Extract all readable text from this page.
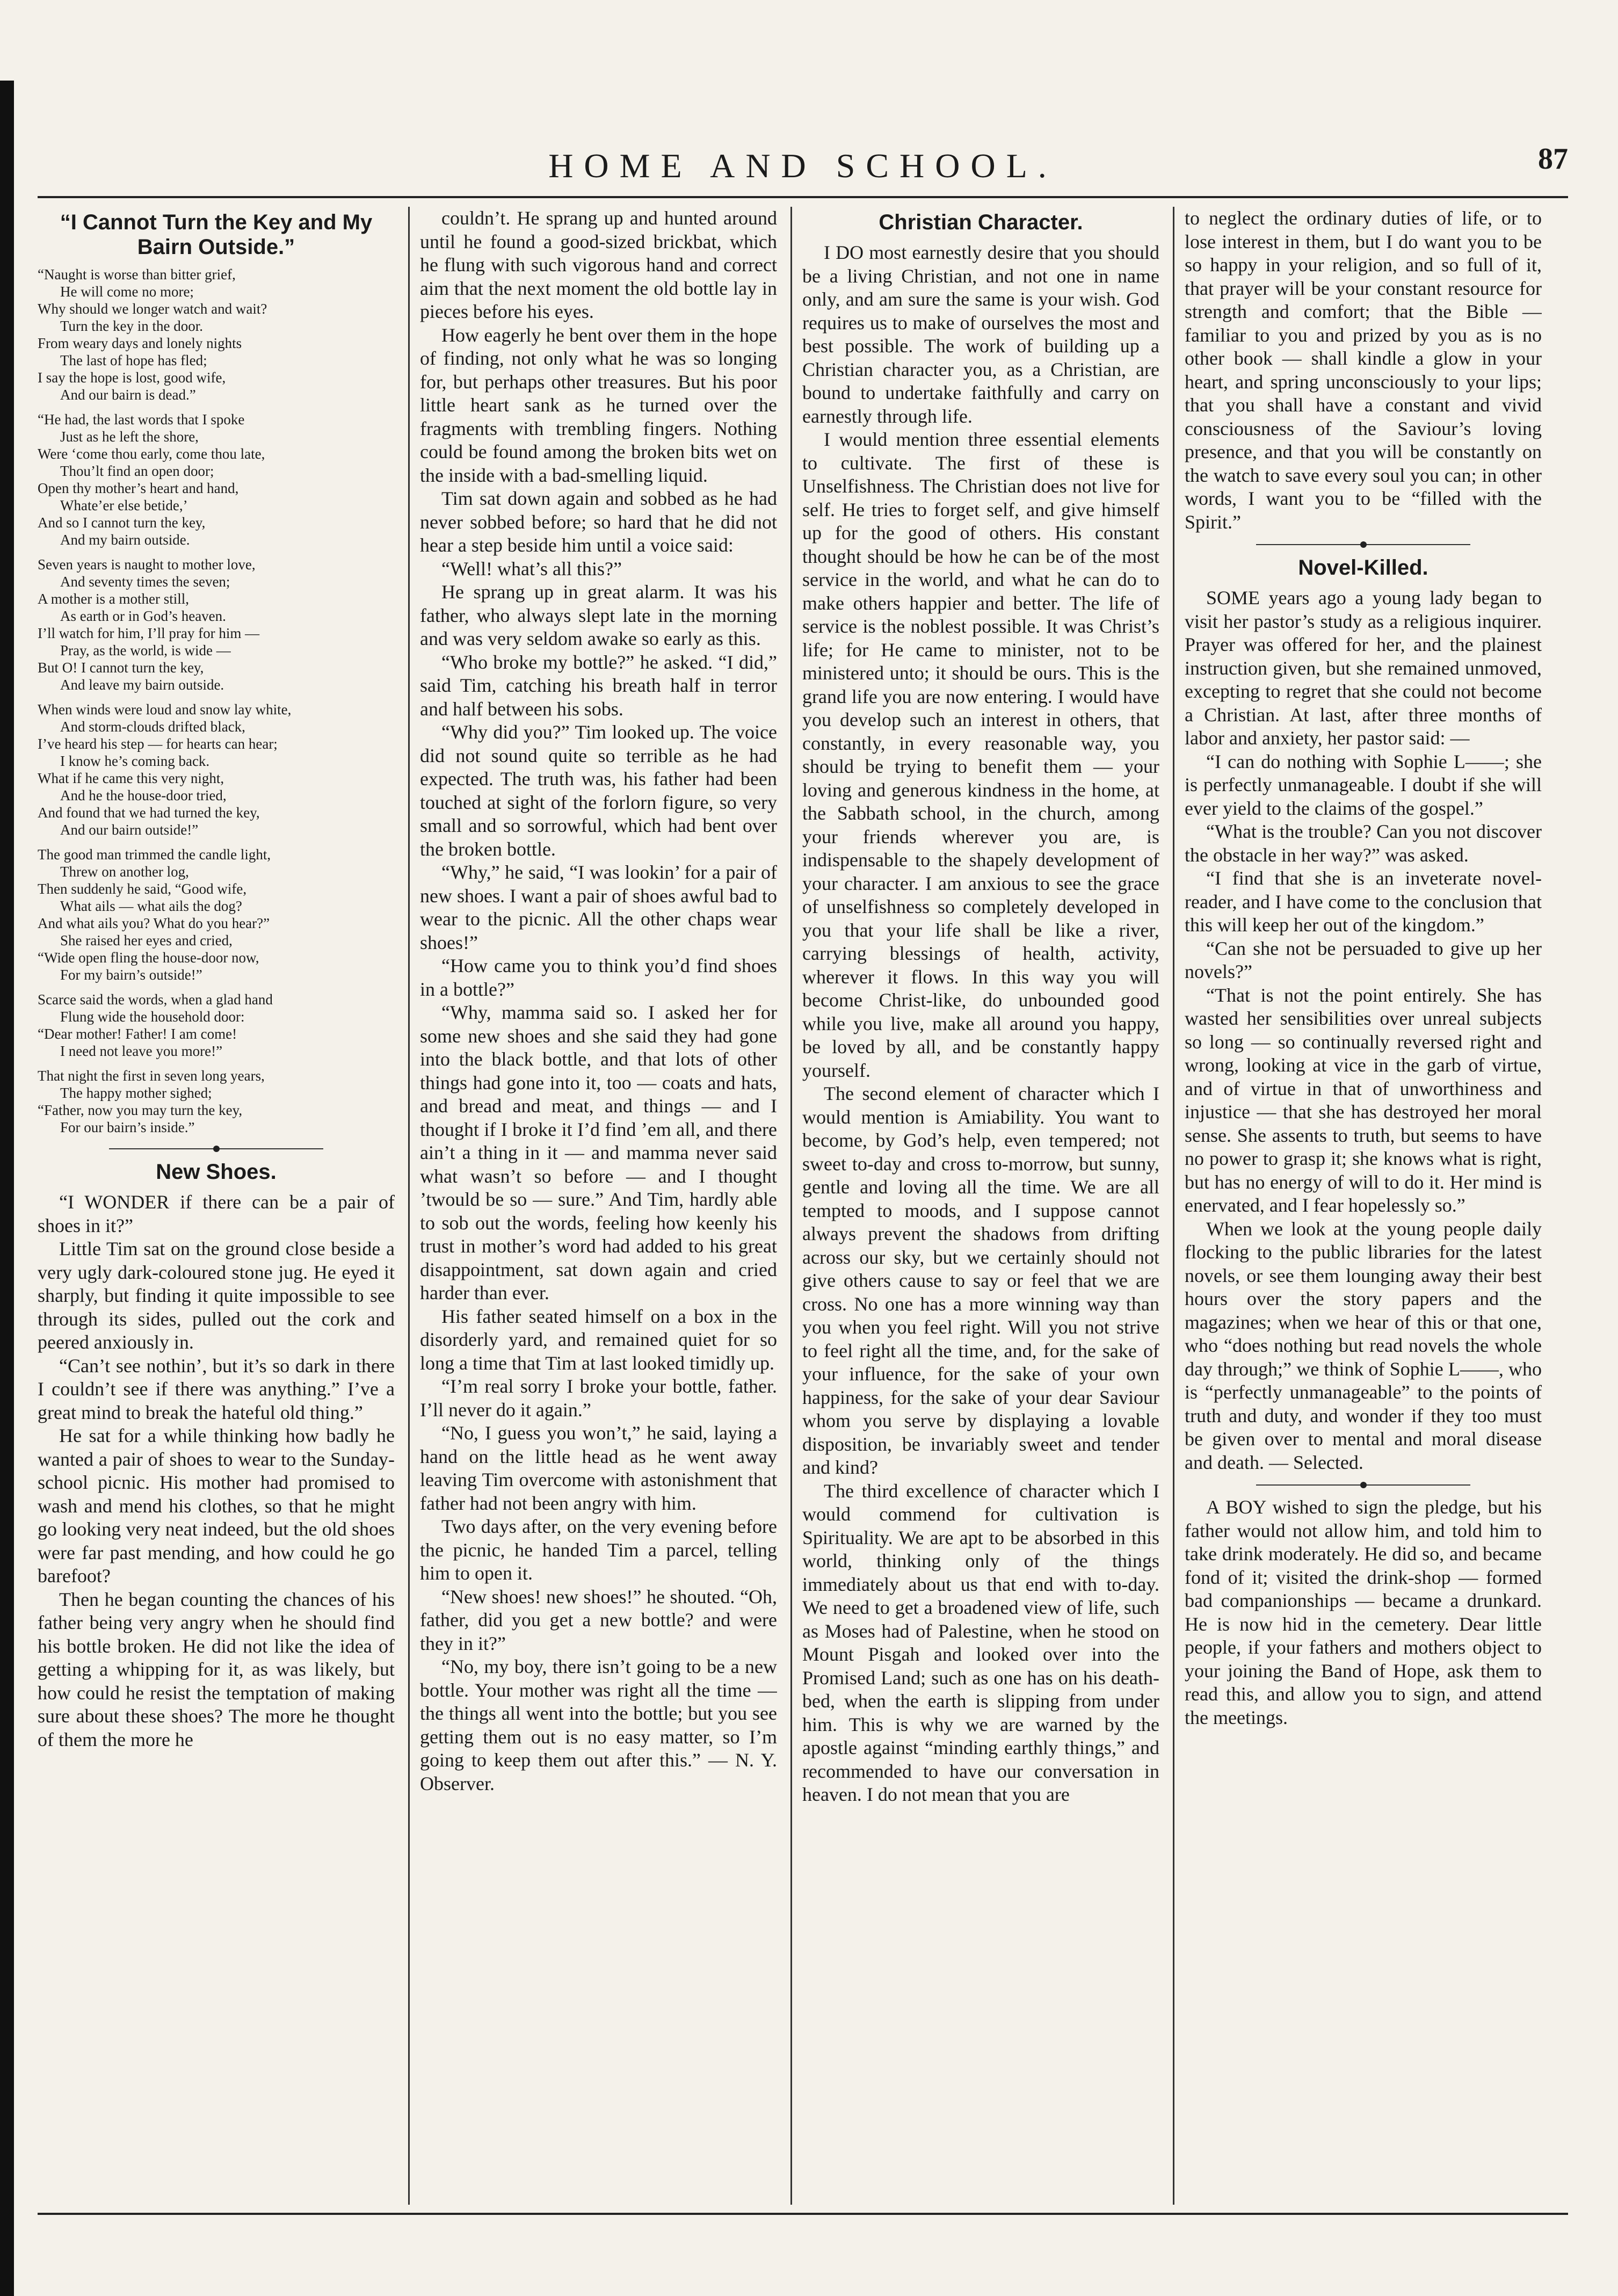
HOME AND SCHOOL.	87
“I Cannot Turn the Key and My Bairn Outside.”
“Naught is worse than bitter grief,
He will come no more;
Why should we longer watch and wait?
Turn the key in the door.
From weary days and lonely nights
The last of hope has fled;
I say the hope is lost, good wife,
And our bairn is dead.”
“He had, the last words that I spoke
Just as he left the shore,
Were ‘come thou early, come thou late,
Thou’lt find an open door;
Open thy mother’s heart and hand,
Whate’er else betide,’
And so I cannot turn the key,
And my bairn outside.
Seven years is naught to mother love,
And seventy times the seven;
A mother is a mother still,
As earth or in God’s heaven.
I’ll watch for him, I’ll pray for him —
Pray, as the world, is wide —
But O! I cannot turn the key,
And leave my bairn outside.
When winds were loud and snow lay white,
And storm-clouds drifted black,
I’ve heard his step — for hearts can hear;
I know he’s coming back.
What if he came this very night,
And he the house-door tried,
And found that we had turned the key,
And our bairn outside!”
The good man trimmed the candle light,
Threw on another log,
Then suddenly he said, “Good wife,
What ails — what ails the dog?
And what ails you? What do you hear?”
She raised her eyes and cried,
“Wide open fling the house-door now,
For my bairn’s outside!”
Scarce said the words, when a glad hand
Flung wide the household door:
“Dear mother! Father! I am come!
I need not leave you more!”
That night the first in seven long years,
The happy mother sighed;
“Father, now you may turn the key,
For our bairn’s inside.”
New Shoes.

“I WONDER if there can be a pair of shoes in it?”

Little Tim sat on the ground close beside a very ugly dark-coloured stone jug. He eyed it sharply, but finding it quite impossible to see through its sides, pulled out the cork and peered anxiously in.

“Can’t see nothin’, but it’s so dark in there I couldn’t see if there was anything.” I’ve a great mind to break the hateful old thing.”

He sat for a while thinking how badly he wanted a pair of shoes to wear to the Sunday-school picnic. His mother had promised to wash and mend his clothes, so that he might go looking very neat indeed, but the old shoes were far past mending, and how could he go barefoot?

Then he began counting the chances of his father being very angry when he should find his bottle broken. He did not like the idea of getting a whipping for it, as was likely, but how could he resist the temptation of making sure about these shoes? The more he thought of them the more he

couldn’t. He sprang up and hunted around until he found a good-sized brickbat, which he flung with such vigorous hand and correct aim that the next moment the old bottle lay in pieces before his eyes.

How eagerly he bent over them in the hope of finding, not only what he was so longing for, but perhaps other treasures. But his poor little heart sank as he turned over the fragments with trembling fingers. Nothing could be found among the broken bits wet on the inside with a bad-smelling liquid.

Tim sat down again and sobbed as he had never sobbed before; so hard that he did not hear a step beside him until a voice said:

“Well! what’s all this?”

He sprang up in great alarm. It was his father, who always slept late in the morning and was very seldom awake so early as this.

“Who broke my bottle?” he asked. “I did,” said Tim, catching his breath half in terror and half between his sobs.

“Why did you?” Tim looked up. The voice did not sound quite so terrible as he had expected. The truth was, his father had been touched at sight of the forlorn figure, so very small and so sorrowful, which had bent over the broken bottle.

“Why,” he said, “I was lookin’ for a pair of new shoes. I want a pair of shoes awful bad to wear to the picnic. All the other chaps wear shoes!”

“How came you to think you’d find shoes in a bottle?”

“Why, mamma said so. I asked her for some new shoes and she said they had gone into the black bottle, and that lots of other things had gone into it, too — coats and hats, and bread and meat, and things — and I thought if I broke it I’d find ’em all, and there ain’t a thing in it — and mamma never said what wasn’t so before — and I thought ’twould be so — sure.” And Tim, hardly able to sob out the words, feeling how keenly his trust in mother’s word had added to his great disappointment, sat down again and cried harder than ever.

His father seated himself on a box in the disorderly yard, and remained quiet for so long a time that Tim at last looked timidly up.

“I’m real sorry I broke your bottle, father. I’ll never do it again.”

“No, I guess you won’t,” he said, laying a hand on the little head as he went away leaving Tim overcome with astonishment that father had not been angry with him.

Two days after, on the very evening before the picnic, he handed Tim a parcel, telling him to open it.

“New shoes! new shoes!” he shouted. “Oh, father, did you get a new bottle? and were they in it?”

“No, my boy, there isn’t going to be a new bottle. Your mother was right all the time — the things all went into the bottle; but you see getting them out is no easy matter, so I’m going to keep them out after this.” — N. Y. Observer.

Christian Character.

I DO most earnestly desire that you should be a living Christian, and not one in name only, and am sure the same is your wish. God requires us to make of ourselves the most and best possible. The work of building up a Christian character you, as a Christian, are bound to undertake faithfully and carry on earnestly through life.

I would mention three essential elements to cultivate. The first of these is Unselfishness. The Christian does not live for self. He tries to forget self, and give himself up for the good of others. His constant thought should be how he can be of the most service in the world, and what he can do to make others happier and better. The life of service is the noblest possible. It was Christ’s life; for He came to minister, not to be ministered unto; it should be ours. This is the grand life you are now entering. I would have you develop such an interest in others, that constantly, in every reasonable way, you should be trying to benefit them — your loving and generous kindness in the home, at the Sabbath school, in the church, among your friends wherever you are, is indispensable to the shapely development of your character. I am anxious to see the grace of unselfishness so completely developed in you that your life shall be like a river, carrying blessings of health, activity, wherever it flows. In this way you will become Christ-like, do unbounded good while you live, make all around you happy, be loved by all, and be constantly happy yourself.

The second element of character which I would mention is Amiability. You want to become, by God’s help, even tempered; not sweet to-day and cross to-morrow, but sunny, gentle and loving all the time. We are all tempted to moods, and I suppose cannot always prevent the shadows from drifting across our sky, but we certainly should not give others cause to say or feel that we are cross. No one has a more winning way than you when you feel right. Will you not strive to feel right all the time, and, for the sake of your influence, for the sake of your own happiness, for the sake of your dear Saviour whom you serve by displaying a lovable disposition, be invariably sweet and tender and kind?

The third excellence of character which I would commend for cultivation is Spirituality. We are apt to be absorbed in this world, thinking only of the things immediately about us that end with to-day. We need to get a broadened view of life, such as Moses had of Palestine, when he stood on Mount Pisgah and looked over into the Promised Land; such as one has on his death-bed, when the earth is slipping from under him. This is why we are warned by the apostle against “minding earthly things,” and recommended to have our conversation in heaven. I do not mean that you are

to neglect the ordinary duties of life, or to lose interest in them, but I do want you to be so happy in your religion, and so full of it, that prayer will be your constant resource for strength and comfort; that the Bible — familiar to you and prized by you as is no other book — shall kindle a glow in your heart, and spring unconsciously to your lips; that you shall have a constant and vivid consciousness of the Saviour’s loving presence, and that you will be constantly on the watch to save every soul you can; in other words, I want you to be “filled with the Spirit.”

Novel-Killed.

SOME years ago a young lady began to visit her pastor’s study as a religious inquirer. Prayer was offered for her, and the plainest instruction given, but she remained unmoved, excepting to regret that she could not become a Christian. At last, after three months of labor and anxiety, her pastor said: —

“I can do nothing with Sophie L——; she is perfectly unmanageable. I doubt if she will ever yield to the claims of the gospel.”

“What is the trouble? Can you not discover the obstacle in her way?” was asked.

“I find that she is an inveterate novel-reader, and I have come to the conclusion that this will keep her out of the kingdom.”

“Can she not be persuaded to give up her novels?”

“That is not the point entirely. She has wasted her sensibilities over unreal subjects so long — so continually reversed right and wrong, looking at vice in the garb of virtue, and of virtue in that of unworthiness and injustice — that she has destroyed her moral sense. She assents to truth, but seems to have no power to grasp it; she knows what is right, but has no energy of will to do it. Her mind is enervated, and I fear hopelessly so.”

When we look at the young people daily flocking to the public libraries for the latest novels, or see them lounging away their best hours over the story papers and the magazines; when we hear of this or that one, who “does nothing but read novels the whole day through;” we think of Sophie L——, who is “perfectly unmanageable” to the points of truth and duty, and wonder if they too must be given over to mental and moral disease and death. — Selected.

A BOY wished to sign the pledge, but his father would not allow him, and told him to take drink moderately. He did so, and became fond of it; visited the drink-shop — formed bad companionships — became a drunkard. He is now hid in the cemetery. Dear little people, if your fathers and mothers object to your joining the Band of Hope, ask them to read this, and allow you to sign, and attend the meetings.
